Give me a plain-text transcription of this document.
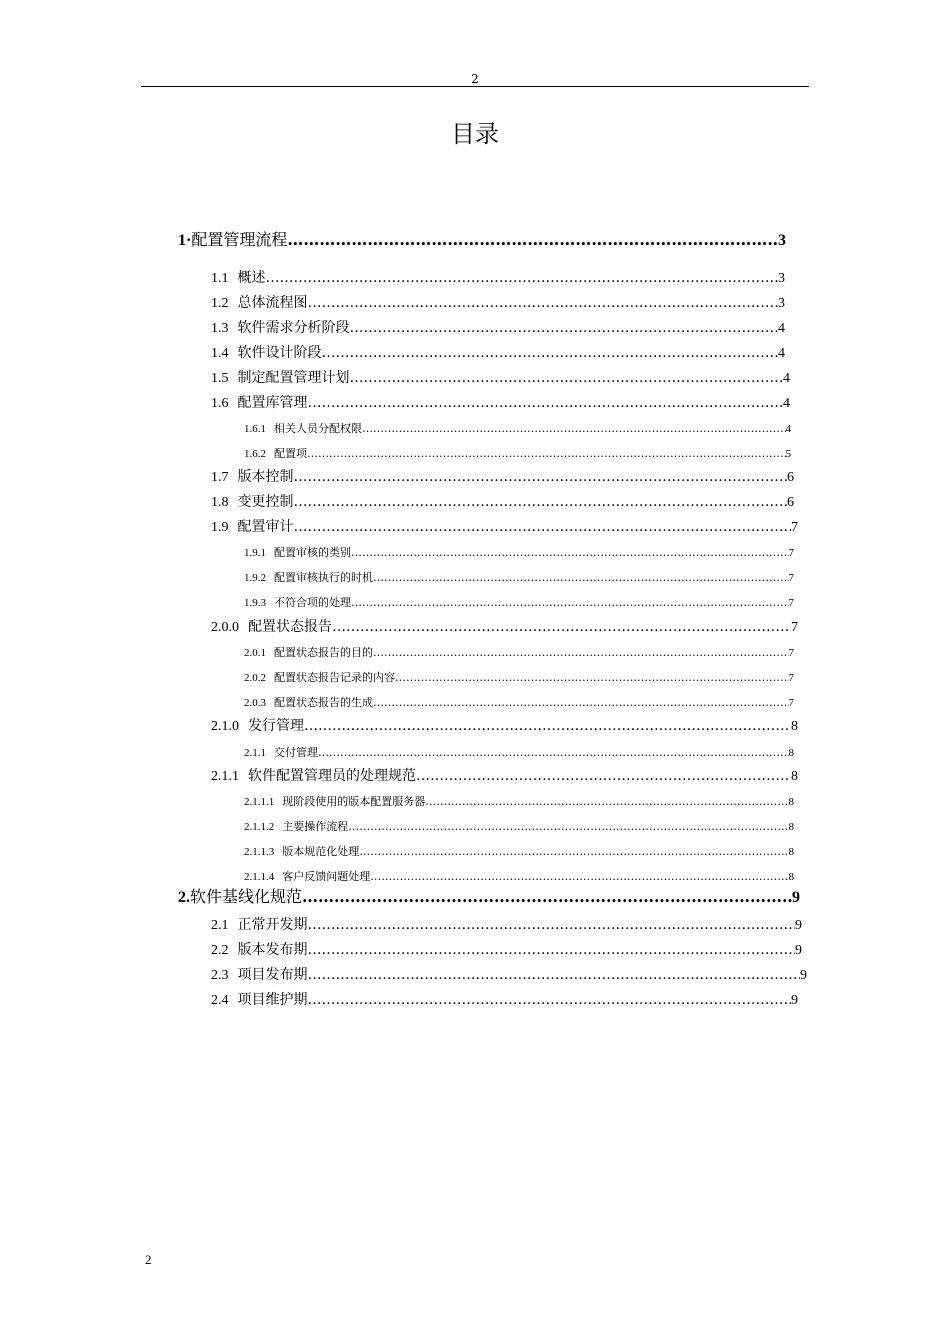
2
目录
1 · 配置管理流程 …………………………………………………………………………………………………………………………………………………………………………………………………………	3
1.1 概述 …………………………………………………………………………………………………………………………………………………………………………………………………………	3
1.2 总体流程图 …………………………………………………………………………………………………………………………………………………………………………………………………………	3
1.3 软件需求分析阶段 …………………………………………………………………………………………………………………………………………………………………………………………………………	4
1.4 软件设计阶段 …………………………………………………………………………………………………………………………………………………………………………………………………………	4
1.5 制定配置管理计划 …………………………………………………………………………………………………………………………………………………………………………………………………………	4
1.6 配置库管理 …………………………………………………………………………………………………………………………………………………………………………………………………………	4
1.6.1 相关人员分配权限 …………………………………………………………………………………………………………………………………………………………………………………………………………	4
1.6.2 配置项 …………………………………………………………………………………………………………………………………………………………………………………………………………	5
1.7 版本控制 …………………………………………………………………………………………………………………………………………………………………………………………………………	6
1.8 变更控制 …………………………………………………………………………………………………………………………………………………………………………………………………………	6
1.9 配置审计 …………………………………………………………………………………………………………………………………………………………………………………………………………	7
1.9.1 配置审核的类别 …………………………………………………………………………………………………………………………………………………………………………………………………………	7
1.9.2 配置审核执行的时机 …………………………………………………………………………………………………………………………………………………………………………………………………………	7
1.9.3 不符合项的处理 …………………………………………………………………………………………………………………………………………………………………………………………………………	7
2.0.0 配置状态报告 …………………………………………………………………………………………………………………………………………………………………………………………………………	7
2.0.1 配置状态报告的目的 …………………………………………………………………………………………………………………………………………………………………………………………………………	7
2.0.2 配置状态报告记录的内容 …………………………………………………………………………………………………………………………………………………………………………………………………………	7
2.0.3 配置状态报告的生成 …………………………………………………………………………………………………………………………………………………………………………………………………………	7
2.1.0 发行管理 …………………………………………………………………………………………………………………………………………………………………………………………………………	8
2.1.1 交付管理 …………………………………………………………………………………………………………………………………………………………………………………………………………	8
2.1.1 软件配置管理员的处理规范 …………………………………………………………………………………………………………………………………………………………………………………………………………	8
2.1.1.1 现阶段使用的版本配置服务器 …………………………………………………………………………………………………………………………………………………………………………………………………………	8
2.1.1.2 主要操作流程 …………………………………………………………………………………………………………………………………………………………………………………………………………	8
2.1.1.3 版本规范化处理 …………………………………………………………………………………………………………………………………………………………………………………………………………	8
2.1.1.4 客户反馈问题处理 …………………………………………………………………………………………………………………………………………………………………………………………………………	8
2. 软件基线化规范 …………………………………………………………………………………………………………………………………………………………………………………………………………	9
2.1 正常开发期 …………………………………………………………………………………………………………………………………………………………………………………………………………	9
2.2 版本发布期 …………………………………………………………………………………………………………………………………………………………………………………………………………	9
2.3 项目发布期 …………………………………………………………………………………………………………………………………………………………………………………………………………	9
2.4 项目维护期 …………………………………………………………………………………………………………………………………………………………………………………………………………	9
2
